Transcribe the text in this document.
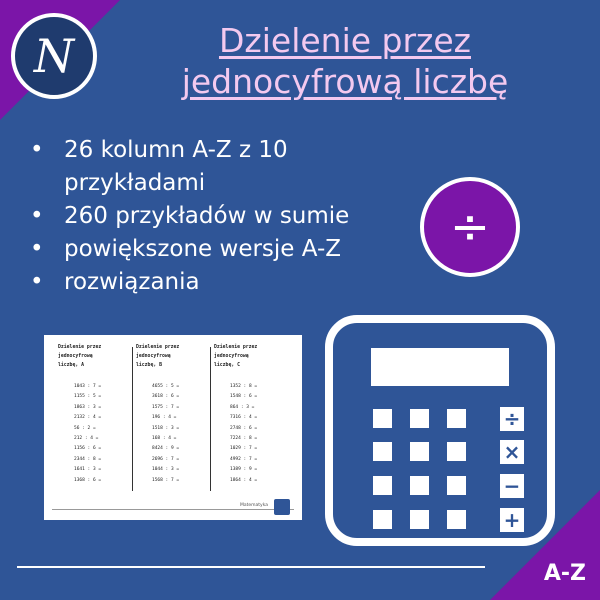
N	Dzielenie przez
jednocyfrową liczbę
• 26 kolumn A-Z z 10 przykładami
• 260 przykładów w sumie
• powiększone wersje A-Z
• rozwiązania
÷
Dzielenie przez jednocyfrową
liczbę, A
1043 : 7 =
1155 : 5 =
1863 : 3 =
2132 : 4 =
56 : 2 =
212 : 4 =
1156 : 6 =
2344 : 8 =
1641 : 3 =
1368 : 6 =
Dzielenie przez jednocyfrową
liczbę, B
4655 : 5 =
3618 : 6 =
1575 : 7 =
196 : 4 =
1518 : 3 =
168 : 4 =
8424 : 9 =
2696 : 7 =
1044 : 3 =
1568 : 7 =
Dzielenie przez jednocyfrową
liczbę, C
1352 : 8 =
1548 : 6 =
864 : 3 =
7316 : 4 =
2748 : 6 =
7224 : 8 =
1029 : 7 =
4992 : 7 =
1389 : 9 =
1864 : 4 =
Matematyka
÷
×
−
+
A-Z
